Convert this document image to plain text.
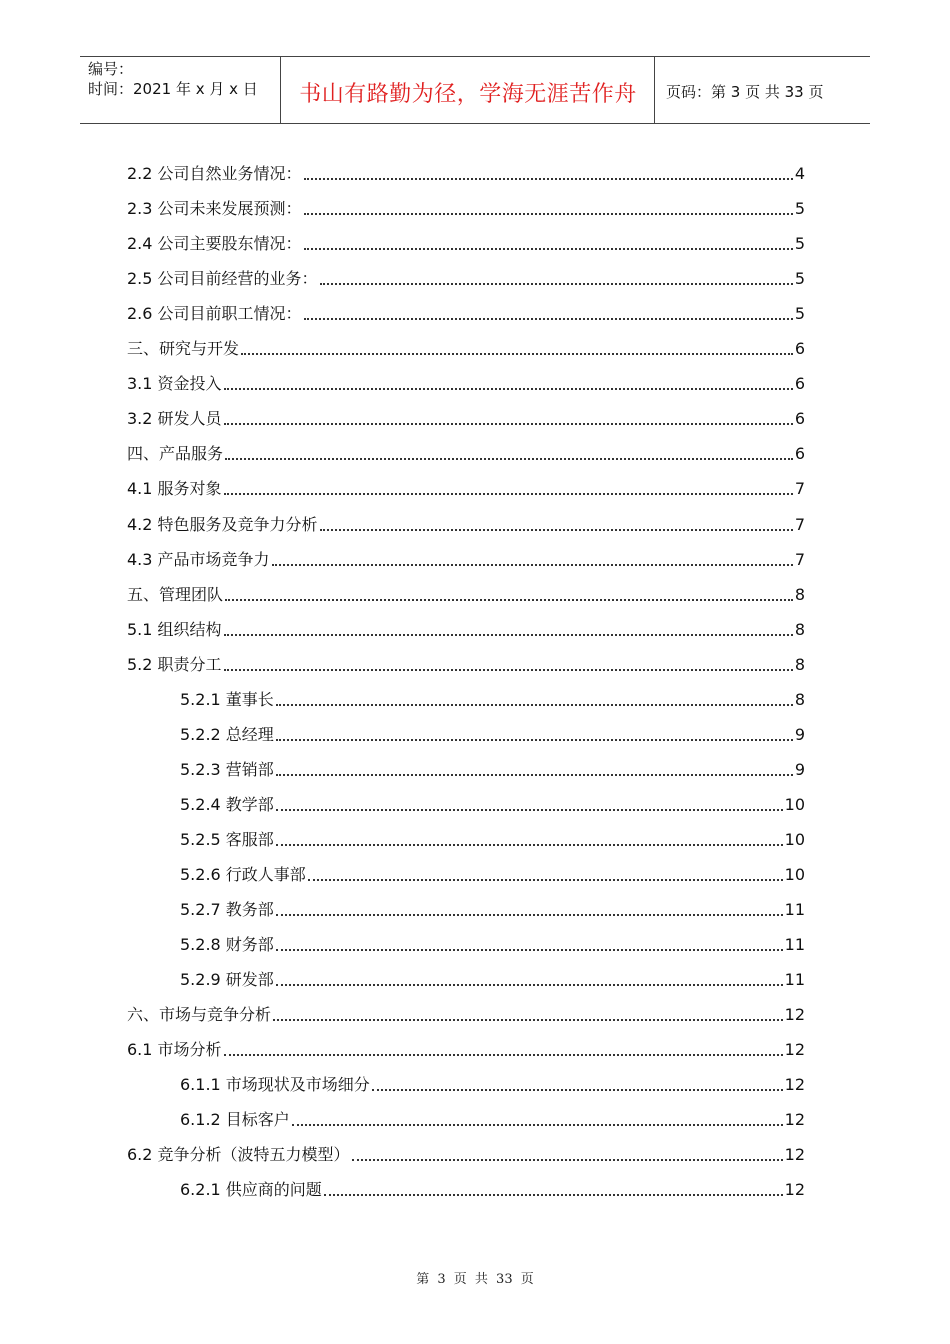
编号：
时间：2021 年 x 月 x 日	书山有路勤为径，学海无涯苦作舟	页码：第 3 页 共 33 页
2.2 公司自然业务情况：	4
2.3 公司未来发展预测：	5
2.4 公司主要股东情况：	5
2.5 公司目前经营的业务：	5
2.6 公司目前职工情况：	5
三、研究与开发	6
3.1 资金投入	6
3.2 研发人员	6
四、产品服务	6
4.1 服务对象	7
4.2 特色服务及竞争力分析	7
4.3 产品市场竞争力	7
五、管理团队	8
5.1 组织结构	8
5.2 职责分工	8
5.2.1 董事长	8
5.2.2 总经理	9
5.2.3 营销部	9
5.2.4 教学部	10
5.2.5 客服部	10
5.2.6 行政人事部	10
5.2.7 教务部	11
5.2.8 财务部	11
5.2.9 研发部	11
六、市场与竞争分析	12
6.1 市场分析	12
6.1.1 市场现状及市场细分	12
6.1.2 目标客户	12
6.2 竞争分析（波特五力模型）	12
6.2.1 供应商的问题	12
第 3 页 共 33 页
